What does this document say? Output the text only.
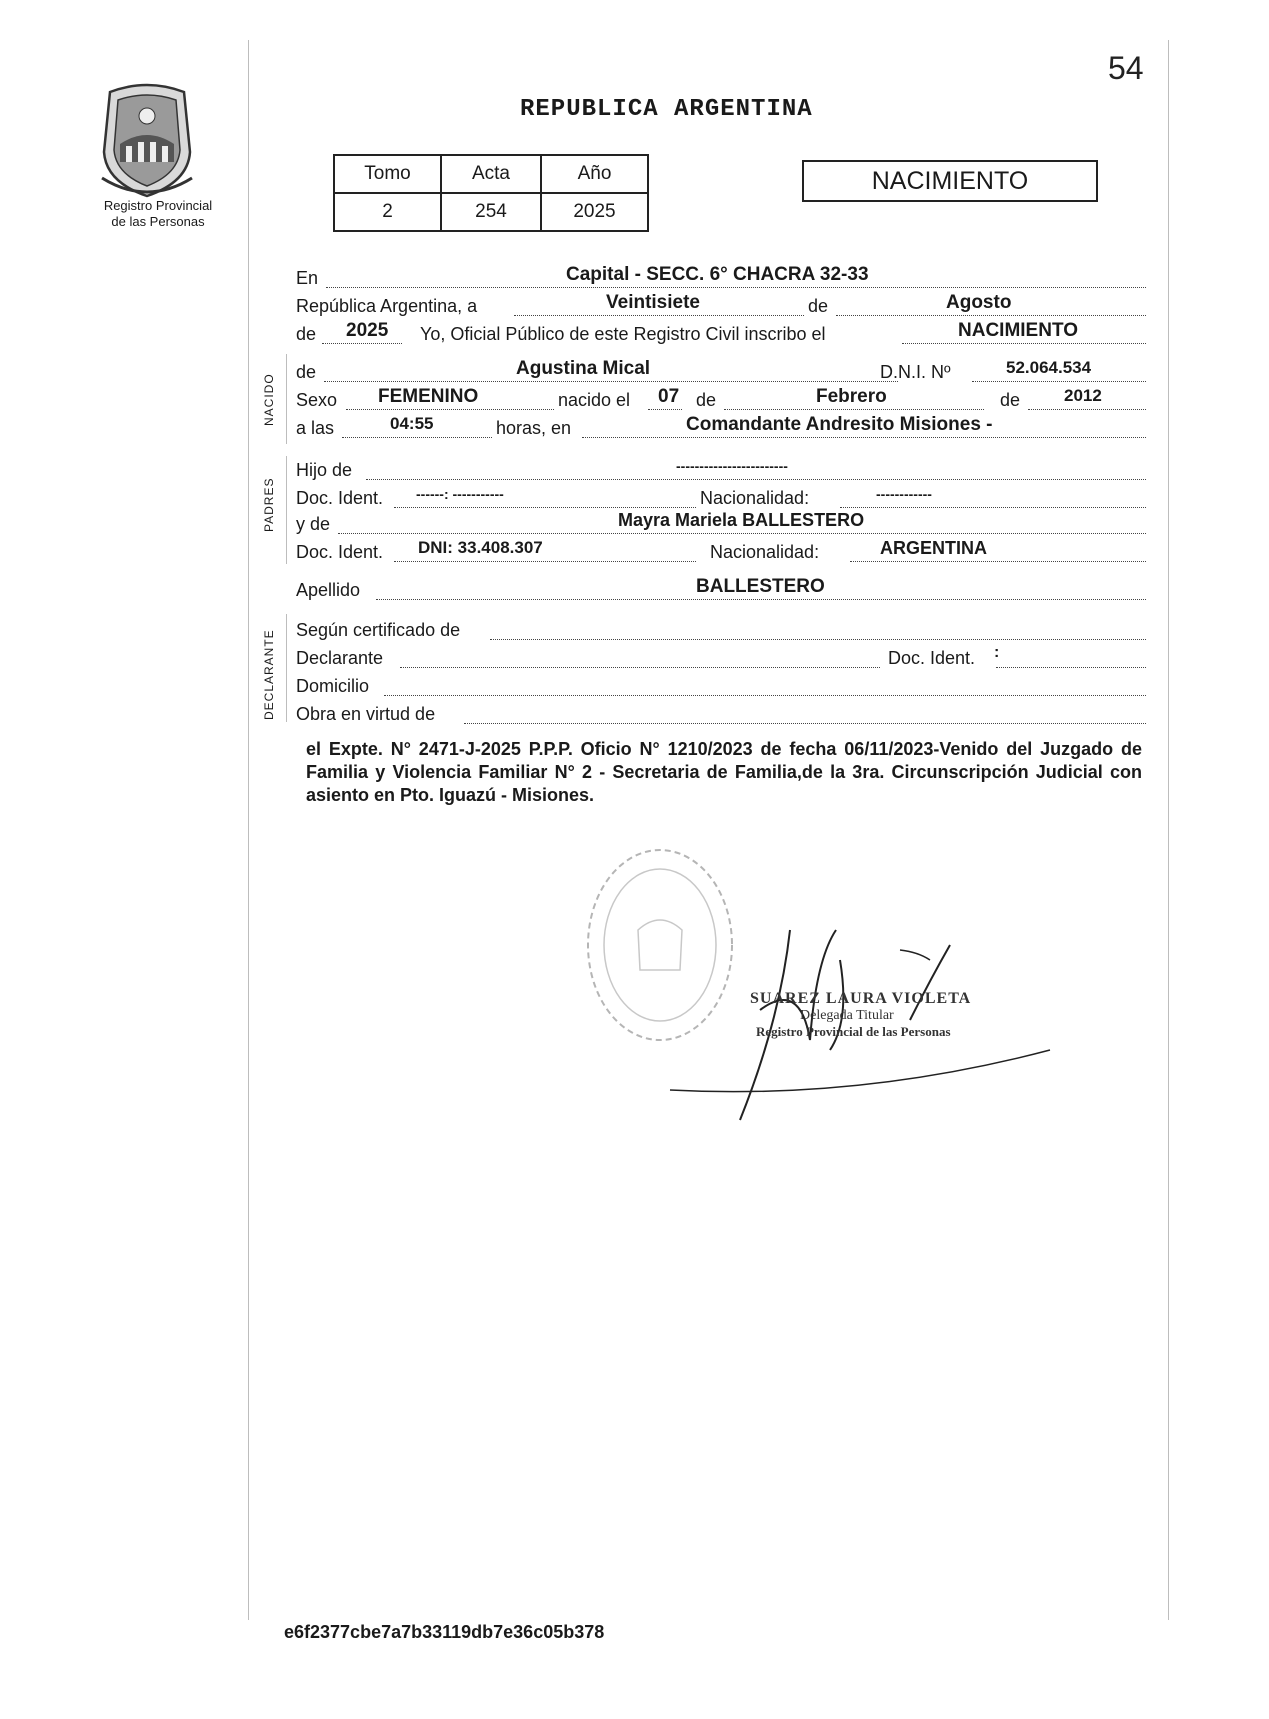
54
REPUBLICA ARGENTINA
Registro Provincial
de las Personas
Tomo	Acta	Año
2	254	2025
NACIMIENTO
NACIDO
PADRES
DECLARANTE
En	Capital - SECC. 6° CHACRA 32-33
República Argentina, a	Veintisiete	de	Agosto
de 2025 Yo, Oficial Público de este Registro Civil inscribo el	NACIMIENTO
de	Agustina Mical	D.N.I. Nº	52.064.534
Sexo FEMENINO	nacido el 07 de	Febrero	de	2012
a las	04:55	horas, en	Comandante Andresito Misiones -
Hijo de	------------------------
Doc. Ident. ------: -----------	Nacionalidad:	------------
y de	Mayra Mariela BALLESTERO
Doc. Ident. DNI: 33.408.307	Nacionalidad:	ARGENTINA
Apellido	BALLESTERO
Según certificado de
Declarante	Doc. Ident. :
Domicilio
Obra en virtud de
el Expte. N° 2471-J-2025 P.P.P. Oficio N° 1210/2023 de fecha 06/11/2023-Venido del Juzgado de Familia y Violencia Familiar N° 2 - Secretaria de Familia,de la 3ra. Circunscripción Judicial con asiento en Pto. Iguazú - Misiones.
SUAREZ LAURA VIOLETA
Delegada Titular
Registro Provincial de las Personas
e6f2377cbe7a7b33119db7e36c05b378
